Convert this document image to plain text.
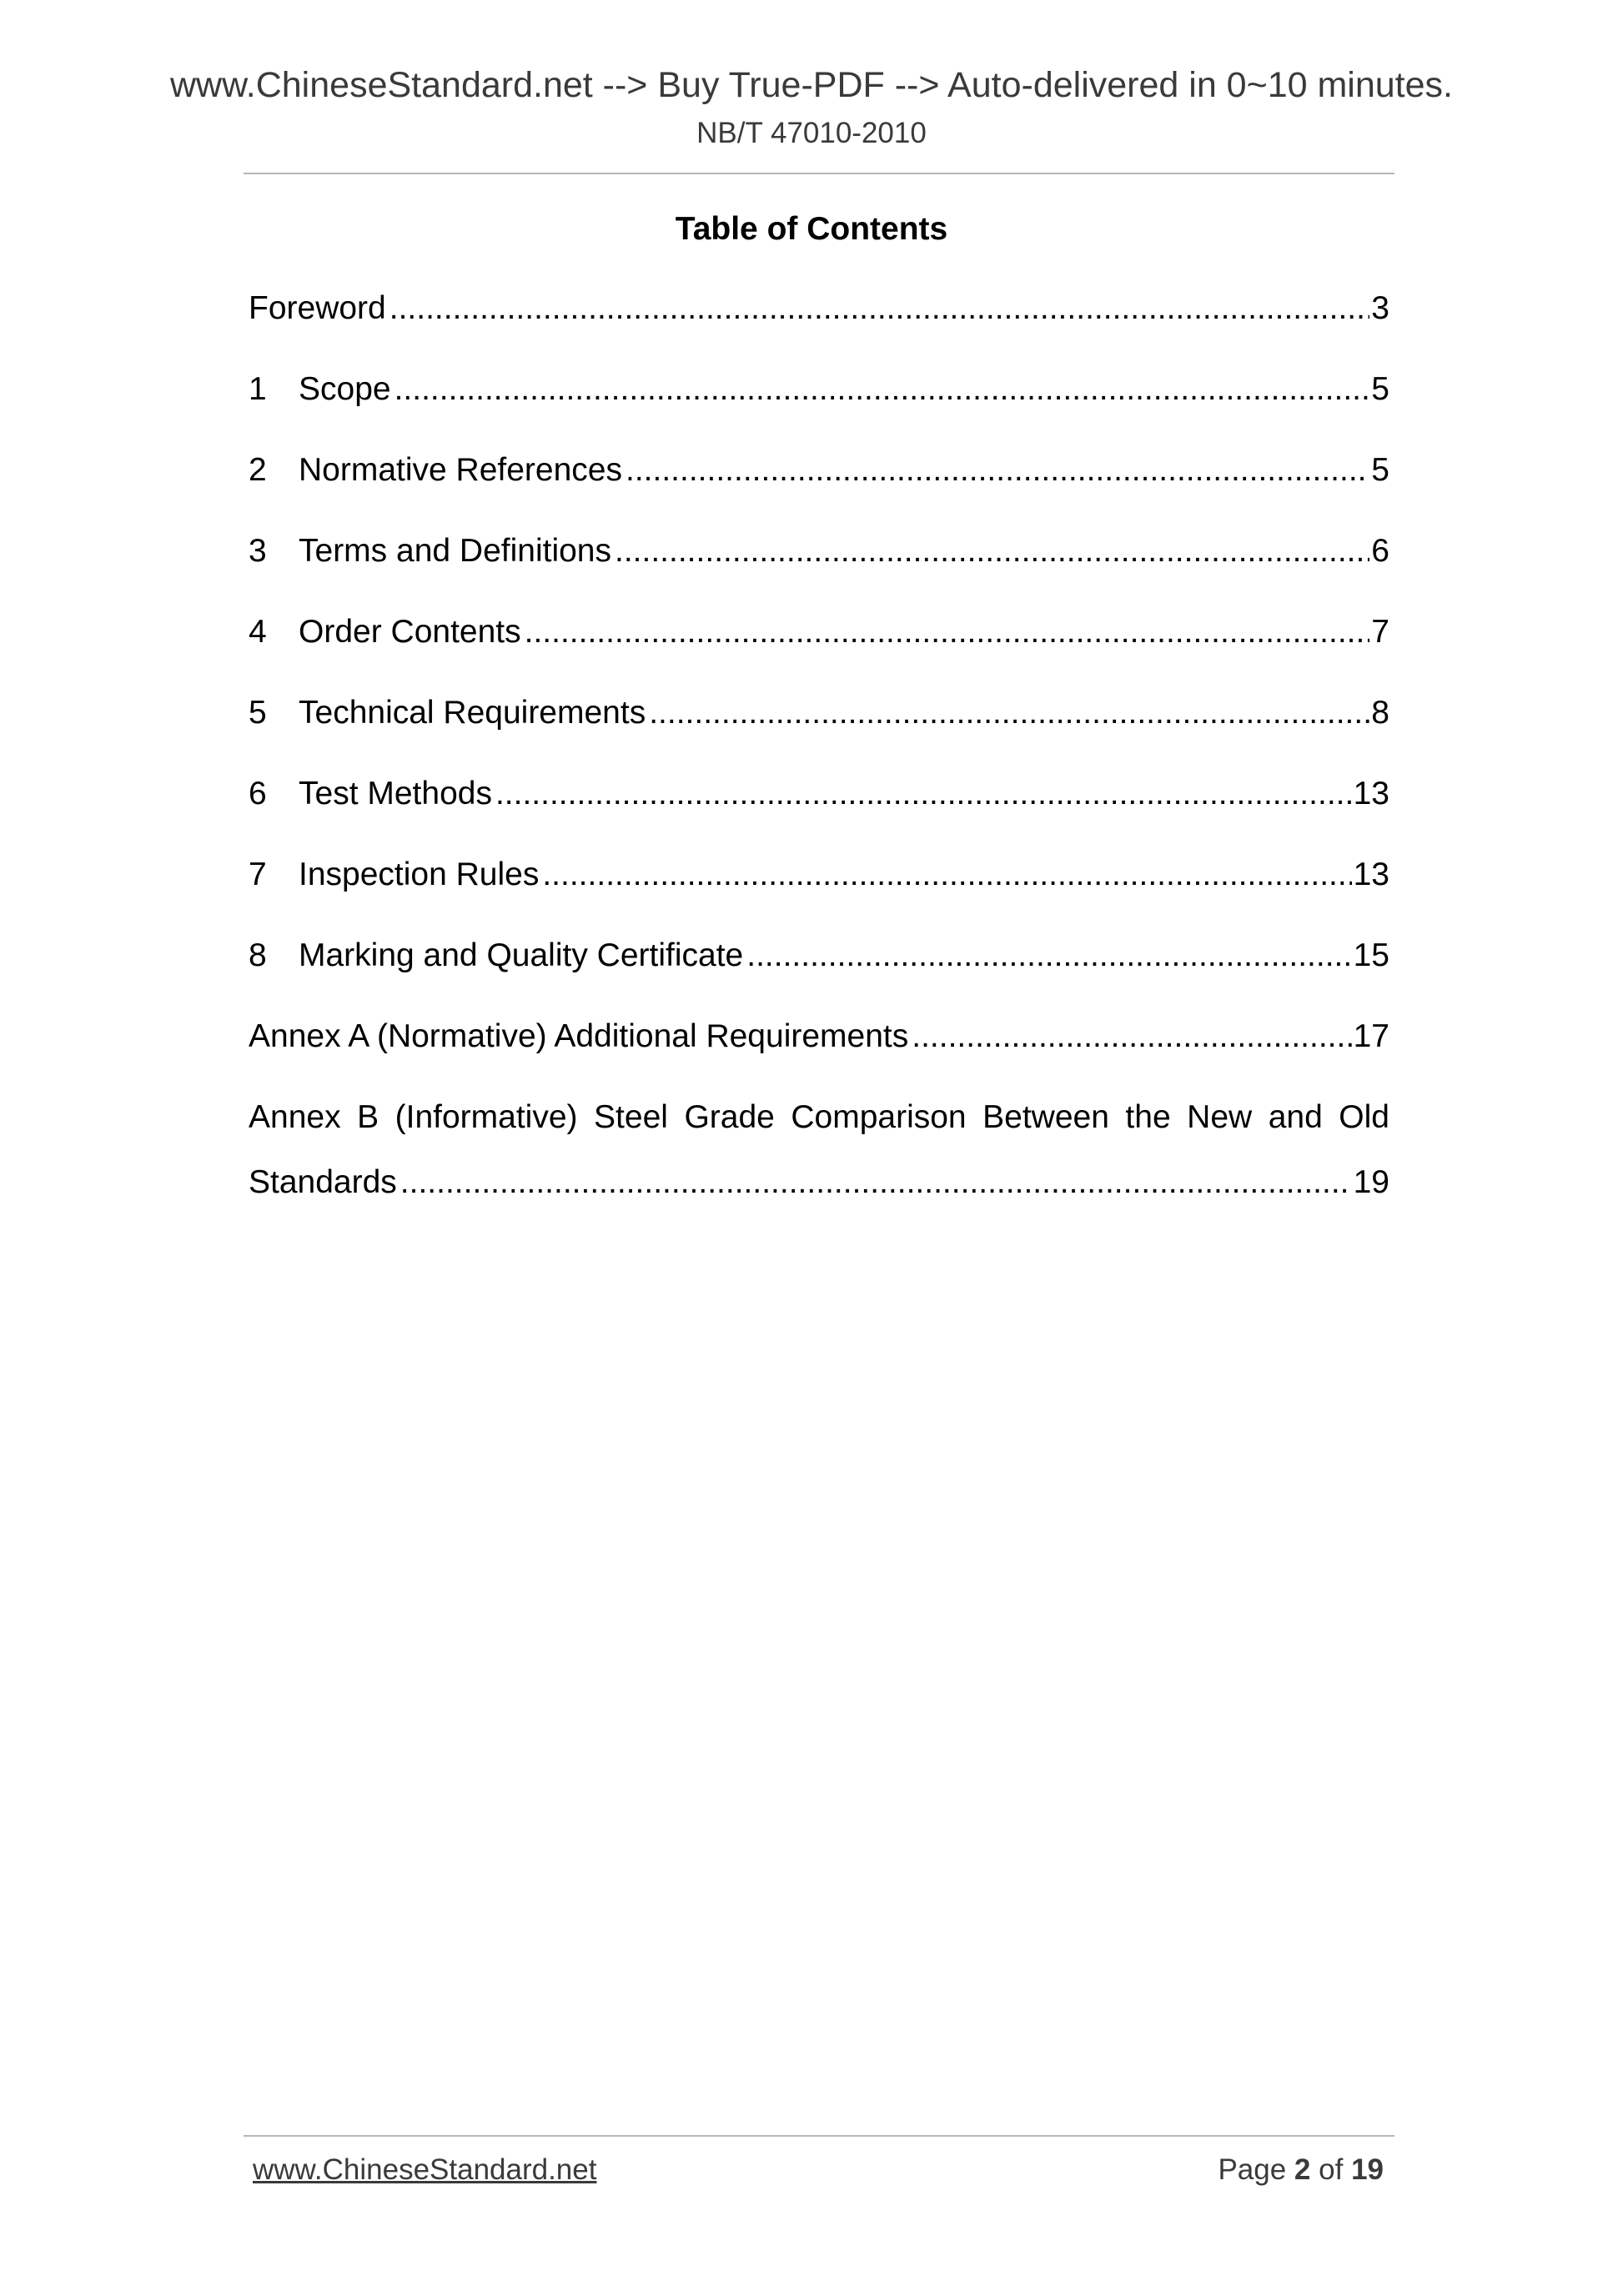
www.ChineseStandard.net --> Buy True-PDF --> Auto-delivered in 0~10 minutes.
NB/T 47010-2010
Table of Contents
Foreword .....	3
1 Scope .....	5
2 Normative References .....	5
3 Terms and Definitions .....	6
4 Order Contents .....	7
5 Technical Requirements .....	8
6 Test Methods .....	13
7 Inspection Rules .....	13
8 Marking and Quality Certificate .....	15
Annex A (Normative) Additional Requirements .....	17
Annex B (Informative) Steel Grade Comparison Between the New and Old
Standards .....	19
www.ChineseStandard.net	Page 2 of 19
